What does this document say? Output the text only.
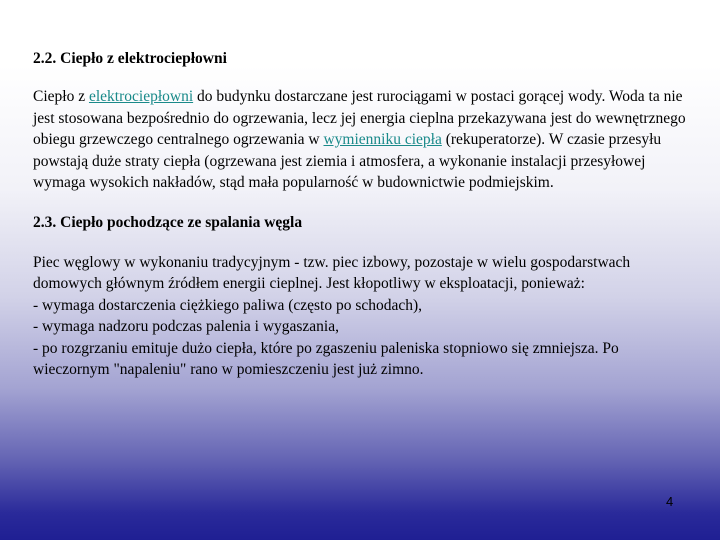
2.2. Ciepło z elektrociepłowni

Ciepło z elektrociepłowni do budynku dostarczane jest rurociągami w postaci gorącej wody. Woda ta nie jest stosowana bezpośrednio do ogrzewania, lecz jej energia cieplna przekazywana jest do wewnętrznego obiegu grzewczego centralnego ogrzewania w wymienniku ciepła (rekuperatorze). W czasie przesyłu powstają duże straty ciepła (ogrzewana jest ziemia i atmosfera, a wykonanie instalacji przesyłowej wymaga wysokich nakładów, stąd mała popularność w budownictwie podmiejskim.

2.3. Ciepło pochodzące ze spalania węgla

Piec węglowy w wykonaniu tradycyjnym - tzw. piec izbowy, pozostaje w wielu gospodarstwach domowych głównym źródłem energii cieplnej. Jest kłopotliwy w eksploatacji, ponieważ:
- wymaga dostarczenia ciężkiego paliwa (często po schodach),
- wymaga nadzoru podczas palenia i wygaszania,
- po rozgrzaniu emituje dużo ciepła, które po zgaszeniu paleniska stopniowo się zmniejsza. Po wieczornym "napaleniu" rano w pomieszczeniu jest już zimno.
4
